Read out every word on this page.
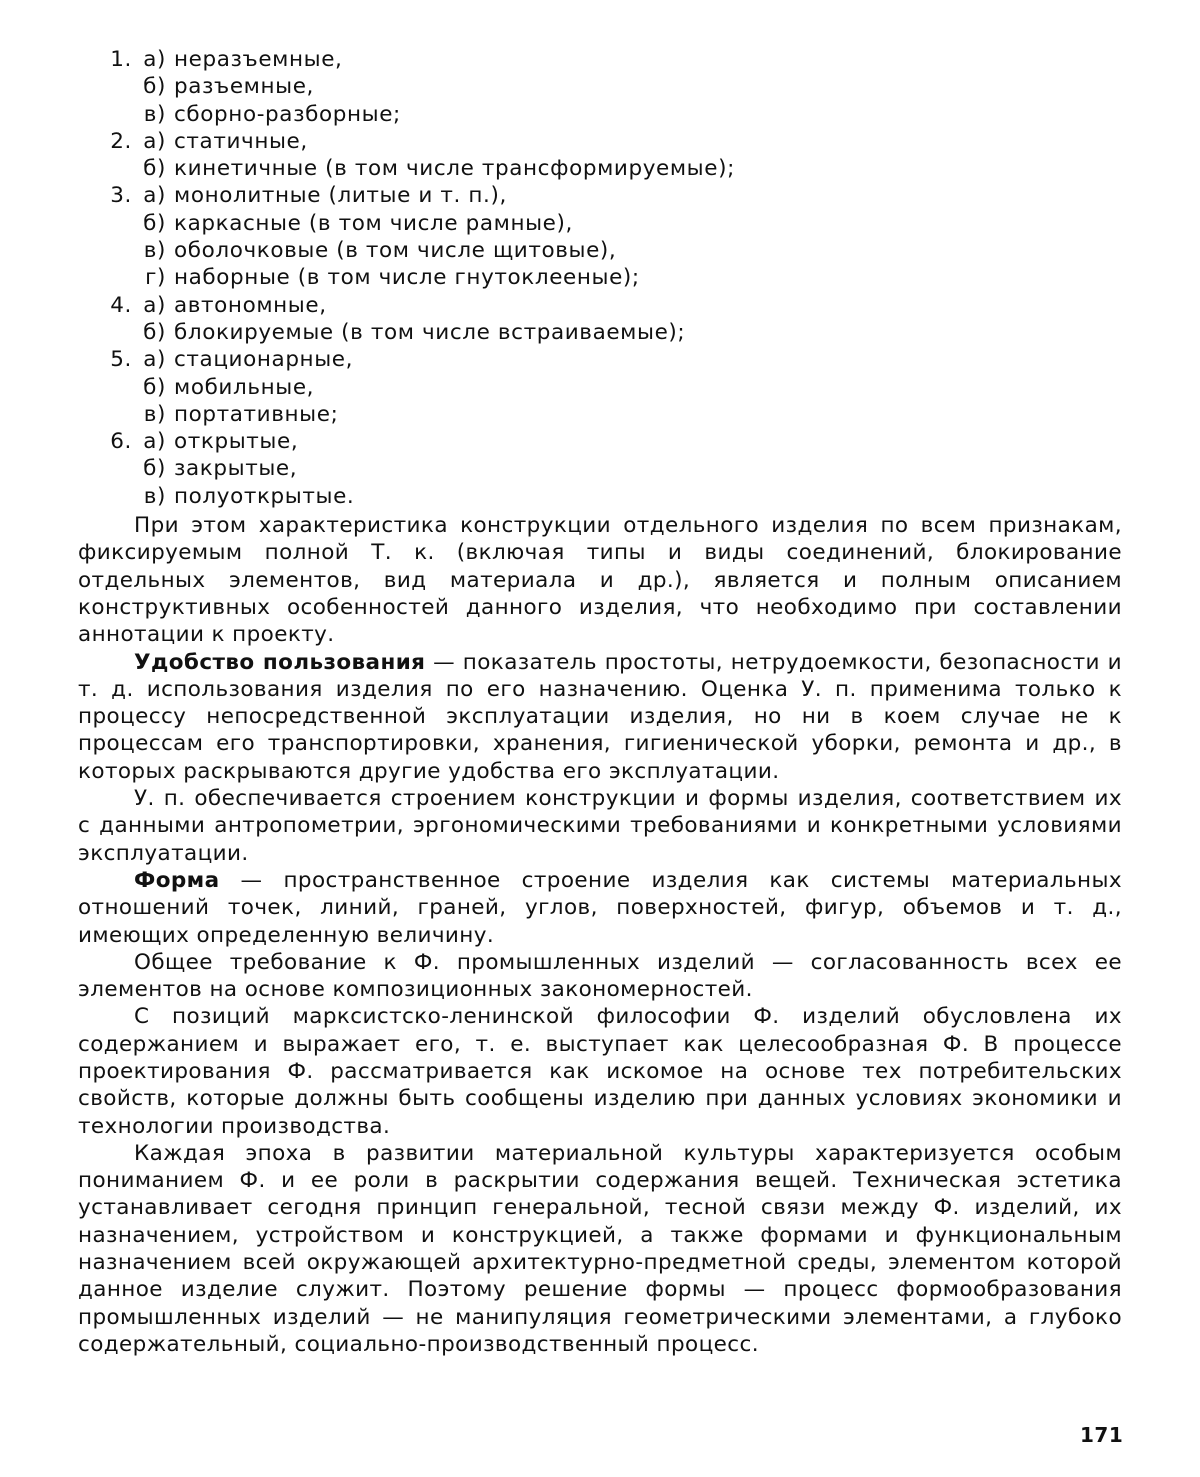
1. а) неразъемные,
б) разъемные,
в) сборно-разборные;
2. а) статичные,
б) кинетичные (в том числе трансформируемые);
3. а) монолитные (литые и т. п.),
б) каркасные (в том числе рамные),
в) оболочковые (в том числе щитовые),
г) наборные (в том числе гнутоклееные);
4. а) автономные,
б) блокируемые (в том числе встраиваемые);
5. а) стационарные,
б) мобильные,
в) портативные;
6. а) открытые,
б) закрытые,
в) полуоткрытые.

При этом характеристика конструкции отдельного изделия по всем признакам, фиксируемым полной Т. к. (включая типы и виды соединений, блокирование отдельных элементов, вид материала и др.), является и полным описанием конструктивных особенностей данного изделия, что необходимо при составлении аннотации к проекту.

Удобство пользования — показатель простоты, нетрудоемкости, безопасности и т. д. использования изделия по его назначению. Оценка У. п. применима только к процессу непосредственной эксплуатации изделия, но ни в коем случае не к процессам его транспортировки, хранения, гигиенической уборки, ремонта и др., в которых раскрываются другие удобства его эксплуатации.

У. п. обеспечивается строением конструкции и формы изделия, соответствием их с данными антропометрии, эргономическими требованиями и конкретными условиями эксплуатации.

Форма — пространственное строение изделия как системы материальных отношений точек, линий, граней, углов, поверхностей, фигур, объемов и т. д., имеющих определенную величину.

Общее требование к Ф. промышленных изделий — согласованность всех ее элементов на основе композиционных закономерностей.

С позиций марксистско-ленинской философии Ф. изделий обусловлена их содержанием и выражает его, т. е. выступает как целесообразная Ф. В процессе проектирования Ф. рассматривается как искомое на основе тех потребительских свойств, которые должны быть сообщены изделию при данных условиях экономики и технологии производства.

Каждая эпоха в развитии материальной культуры характеризуется особым пониманием Ф. и ее роли в раскрытии содержания вещей. Техническая эстетика устанавливает сегодня принцип генеральной, тесной связи между Ф. изделий, их назначением, устройством и конструкцией, а также формами и функциональным назначением всей окружающей архитектурно-предметной среды, элементом которой данное изделие служит. Поэтому решение формы — процесс формообразования промышленных изделий — не манипуляция геометрическими элементами, а глубоко содержательный, социально-производственный процесс.

171
